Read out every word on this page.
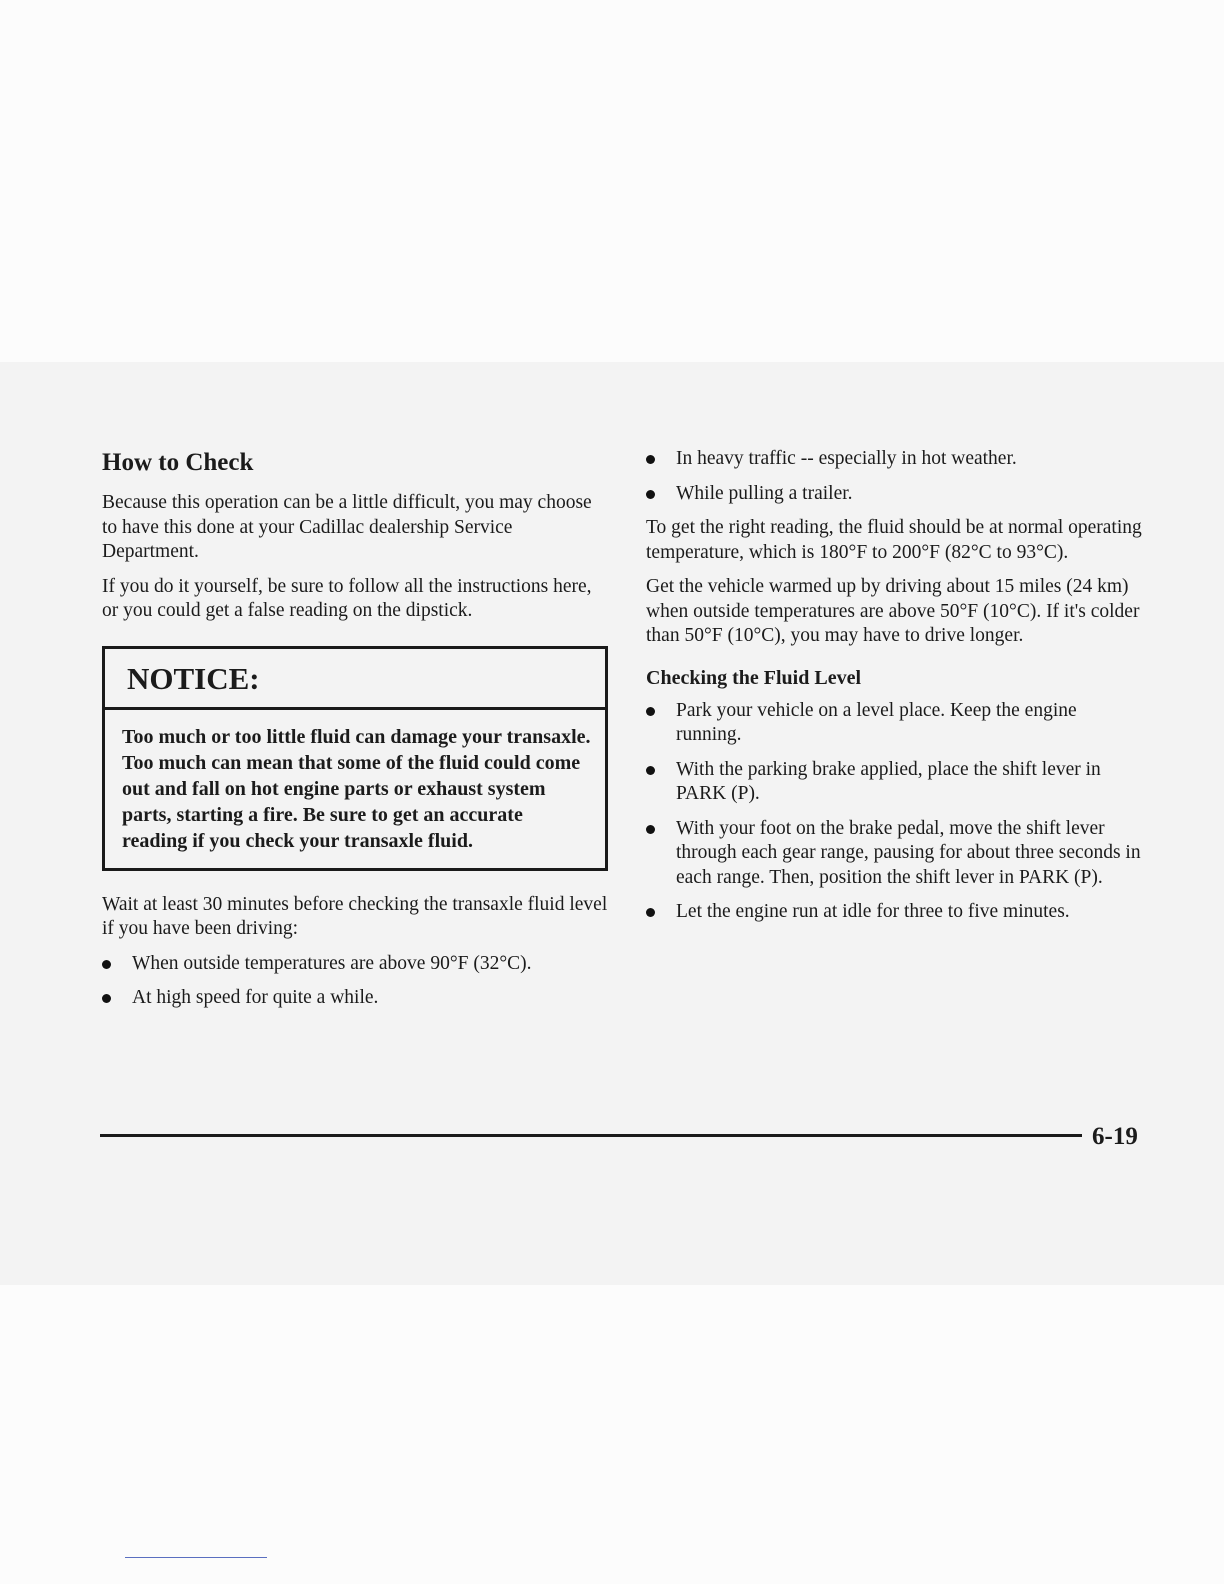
How to Check

Because this operation can be a little difficult, you may choose to have this done at your Cadillac dealership Service Department.

If you do it yourself, be sure to follow all the instructions here, or you could get a false reading on the dipstick.

NOTICE:
Too much or too little fluid can damage your transaxle. Too much can mean that some of the fluid could come out and fall on hot engine parts or exhaust system parts, starting a fire. Be sure to get an accurate reading if you check your transaxle fluid.

Wait at least 30 minutes before checking the transaxle fluid level if you have been driving:

When outside temperatures are above 90°F (32°C).
At high speed for quite a while.
In heavy traffic -- especially in hot weather.
While pulling a trailer.

To get the right reading, the fluid should be at normal operating temperature, which is 180°F to 200°F (82°C to 93°C).

Get the vehicle warmed up by driving about 15 miles (24 km) when outside temperatures are above 50°F (10°C). If it's colder than 50°F (10°C), you may have to drive longer.

Checking the Fluid Level
Park your vehicle on a level place. Keep the engine running.
With the parking brake applied, place the shift lever in PARK (P).
With your foot on the brake pedal, move the shift lever through each gear range, pausing for about three seconds in each range. Then, position the shift lever in PARK (P).
Let the engine run at idle for three to five minutes.
6-19
